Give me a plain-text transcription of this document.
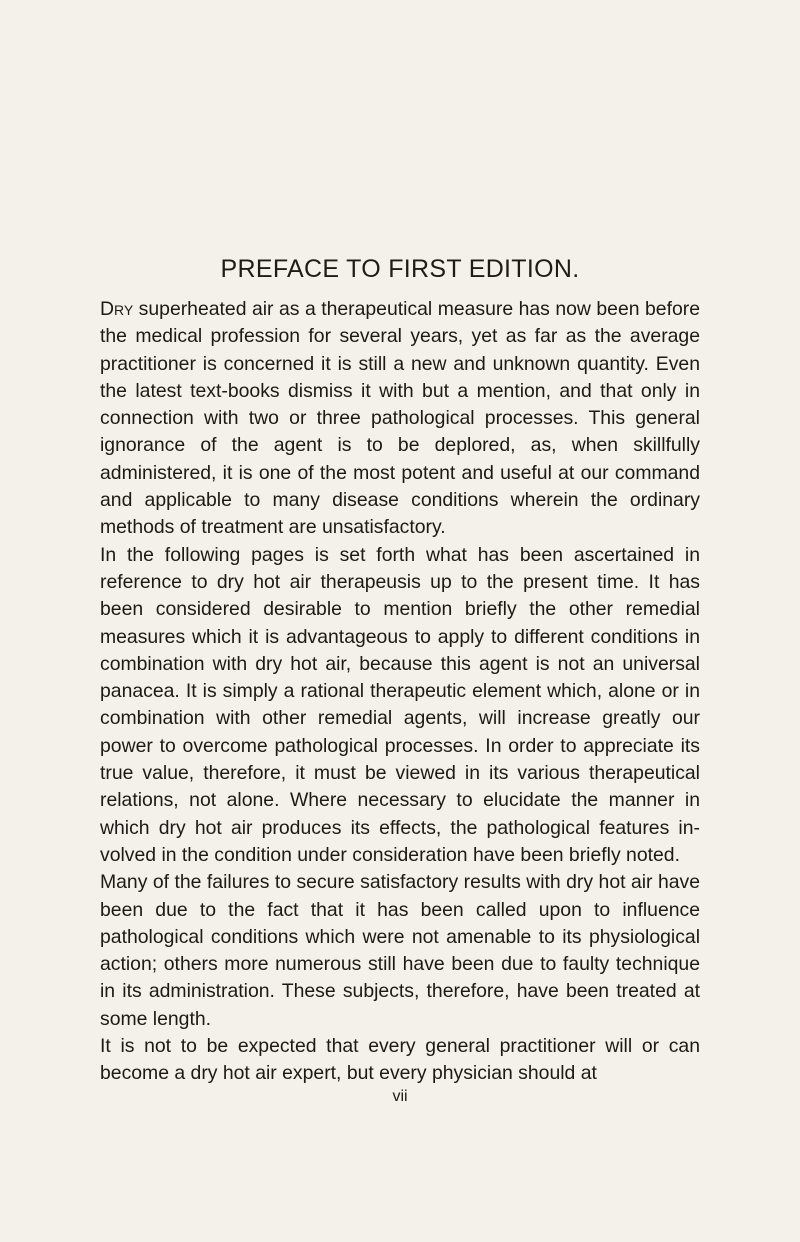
PREFACE TO FIRST EDITION.

Dry superheated air as a therapeutical measure has now been before the medical profession for several years, yet as far as the average practitioner is concerned it is still a new and unknown quantity. Even the latest text-books dismiss it with but a mention, and that only in connection with two or three pathological processes. This general ignorance of the agent is to be deplored, as, when skillfully administered, it is one of the most potent and useful at our command and applicable to many disease conditions wherein the ordinary methods of treatment are unsatisfactory.

In the following pages is set forth what has been ascertained in reference to dry hot air therapeusis up to the present time. It has been considered desirable to mention briefly the other remedial measures which it is advantageous to apply to different conditions in combination with dry hot air, because this agent is not an universal panacea. It is simply a rational therapeutic element which, alone or in combination with other remedial agents, will increase greatly our power to overcome pathological processes. In order to appreciate its true value, therefore, it must be viewed in its various therapeutical relations, not alone. Where necessary to elucidate the manner in which dry hot air produces its effects, the pathological features involved in the condition under consideration have been briefly noted.

Many of the failures to secure satisfactory results with dry hot air have been due to the fact that it has been called upon to influence pathological conditions which were not amenable to its physiological action; others more numerous still have been due to faulty technique in its administration. These subjects, therefore, have been treated at some length.

It is not to be expected that every general practitioner will or can become a dry hot air expert, but every physician should at

vii
